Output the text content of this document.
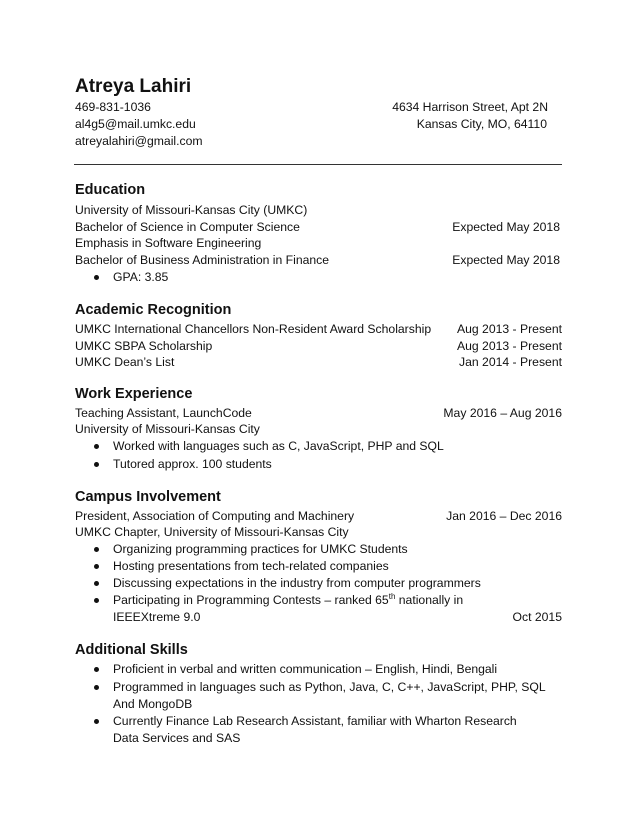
Atreya Lahiri
469-831-1036
al4g5@mail.umkc.edu
atreyalahiri@gmail.com
4634 Harrison Street, Apt 2N
Kansas City, MO, 64110
Education
University of Missouri-Kansas City (UMKC)
Bachelor of Science in Computer Science	Expected May 2018
Emphasis in Software Engineering
Bachelor of Business Administration in Finance	Expected May 2018
GPA: 3.85
Academic Recognition
UMKC International Chancellors Non-Resident Award Scholarship Aug 2013 - Present
UMKC SBPA Scholarship	Aug 2013 - Present
UMKC Dean’s List	Jan 2014 - Present
Work Experience
Teaching Assistant, LaunchCode	May 2016 – Aug 2016
University of Missouri-Kansas City
Worked with languages such as C, JavaScript, PHP and SQL
Tutored approx. 100 students
Campus Involvement
President, Association of Computing and Machinery	Jan 2016 – Dec 2016
UMKC Chapter, University of Missouri-Kansas City
Organizing programming practices for UMKC Students
Hosting presentations from tech-related companies
Discussing expectations in the industry from computer programmers
Participating in Programming Contests – ranked 65th nationally in
IEEEXtreme 9.0	Oct 2015
Additional Skills
Proficient in verbal and written communication – English, Hindi, Bengali
Programmed in languages such as Python, Java, C, C++, JavaScript, PHP, SQL
And MongoDB
Currently Finance Lab Research Assistant, familiar with Wharton Research
Data Services and SAS
